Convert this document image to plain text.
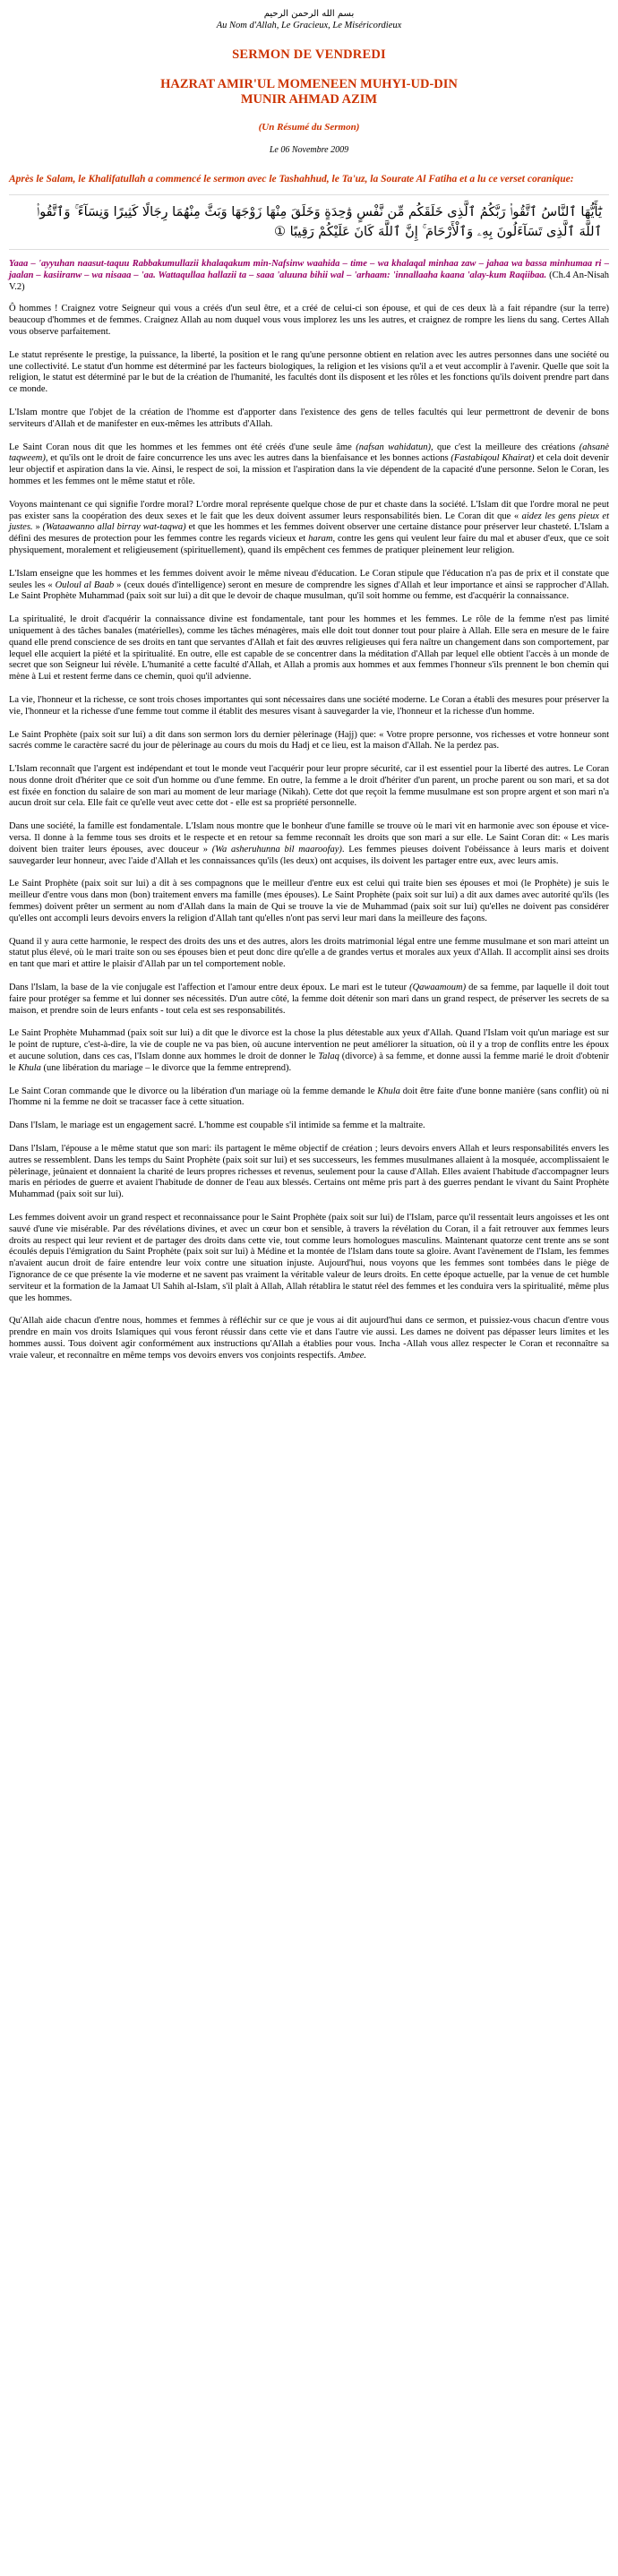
بسم الله الرحمن الرحيم

Au Nom d'Allah, Le Gracieux, Le Miséricordieux

SERMON DE VENDREDI
HAZRAT AMIR'UL MOMENEEN MUHYI-UD-DIN
MUNIR AHMAD AZIM
(Un Résumé du Sermon)
Le 06 Novembre 2009

Après le Salam, le Khalifatullah a commencé le sermon avec le Tashahhud, le Ta'uz, la Sourate Al Fatiha et a lu ce verset coranique:

يَٰٓأَيُّهَا ٱلنَّاسُ ٱتَّقُوا۟ رَبَّكُمُ ٱلَّذِى خَلَقَكُم مِّن نَّفْسٍ وَٰحِدَةٍ وَخَلَقَ مِنْهَا زَوْجَهَا وَبَثَّ مِنْهُمَا رِجَالًا كَثِيرًا وَنِسَآءً ۚ وَٱتَّقُوا۟ ٱللَّهَ ٱلَّذِى تَسَآءَلُونَ بِهِۦ وَٱلْأَرْحَامَ ۚ إِنَّ ٱللَّهَ كَانَ عَلَيْكُمْ رَقِيبًا ①

Yaaa – 'ayyuhan naasut-taquu Rabbakumullazii khalaqakum min-Nafsinw waahida – time – wa khalaqal minhaa zaw – jahaa wa bassa minhumaa ri –jaalan – kasiiranw – wa nisaaa – 'aa. Wattaqullaa hallazii ta – saaa 'aluuna bihii wal – 'arhaam: 'innallaaha kaana 'alay-kum Raqiibaa. (Ch.4 An-Nisah V.2)

Ô hommes ! Craignez votre Seigneur qui vous a créés d'un seul être, et a créé de celui-ci son épouse, et qui de ces deux là a fait répandre (sur la terre) beaucoup d'hommes et de femmes. Craignez Allah au nom duquel vous vous implorez les uns les autres, et craignez de rompre les liens du sang. Certes Allah vous observe parfaitement.

Le statut représente le prestige, la puissance, la liberté, la position et le rang qu'une personne obtient en relation avec les autres personnes dans une société ou une collectivité. Le statut d'un homme est déterminé par les facteurs biologiques, la religion et les visions qu'il a et veut accomplir à l'avenir. Quelle que soit la religion, le statut est déterminé par le but de la création de l'humanité, les facultés dont ils disposent et les rôles et les fonctions qu'ils doivent prendre part dans ce monde.

L'Islam montre que l'objet de la création de l'homme est d'apporter dans l'existence des gens de telles facultés qui leur permettront de devenir de bons serviteurs d'Allah et de manifester en eux-mêmes les attributs d'Allah.

Le Saint Coran nous dit que les hommes et les femmes ont été créés d'une seule âme (nafsan wahidatun), que c'est la meilleure des créations (ahsanè taqweem), et qu'ils ont le droit de faire concurrence les uns avec les autres dans la bienfaisance et les bonnes actions (Fastabiqoul Khairat) et cela doit devenir leur objectif et aspiration dans la vie. Ainsi, le respect de soi, la mission et l'aspiration dans la vie dépendent de la capacité d'une personne. Selon le Coran, les hommes et les femmes ont le même statut et rôle.

Voyons maintenant ce qui signifie l'ordre moral? L'ordre moral représente quelque chose de pur et chaste dans la société. L'Islam dit que l'ordre moral ne peut pas exister sans la coopération des deux sexes et le fait que les deux doivent assumer leurs responsabilités bien. Le Coran dit que « aidez les gens pieux et justes. » (Wataawanno allal birray wat-taqwa) et que les hommes et les femmes doivent observer une certaine distance pour préserver leur chasteté. L'Islam a défini des mesures de protection pour les femmes contre les regards vicieux et haram, contre les gens qui veulent leur faire du mal et abuser d'eux, que ce soit physiquement, moralement et religieusement (spirituellement), quand ils empêchent ces femmes de pratiquer pleinement leur religion.

L'Islam enseigne que les hommes et les femmes doivent avoir le même niveau d'éducation. Le Coran stipule que l'éducation n'a pas de prix et il constate que seules les « Ouloul al Baab » (ceux doués d'intelligence) seront en mesure de comprendre les signes d'Allah et leur importance et ainsi se rapprocher d'Allah. Le Saint Prophète Muhammad (paix soit sur lui) a dit que le devoir de chaque musulman, qu'il soit homme ou femme, est d'acquérir la connaissance.

La spiritualité, le droit d'acquérir la connaissance divine est fondamentale, tant pour les hommes et les femmes. Le rôle de la femme n'est pas limité uniquement à des tâches banales (matérielles), comme les tâches ménagères, mais elle doit tout donner tout pour plaire à Allah. Elle sera en mesure de le faire quand elle prend conscience de ses droits en tant que servantes d'Allah et fait des œuvres religieuses qui fera naître un changement dans son comportement, par lequel elle acquiert la piété et la spiritualité. En outre, elle est capable de se concentrer dans la méditation d'Allah par lequel elle obtient l'accès à un monde de secret que son Seigneur lui révèle. L'humanité a cette faculté d'Allah, et Allah a promis aux hommes et aux femmes l'honneur s'ils prennent le bon chemin qui mène à Lui et restent ferme dans ce chemin, quoi qu'il advienne.

La vie, l'honneur et la richesse, ce sont trois choses importantes qui sont nécessaires dans une société moderne. Le Coran a établi des mesures pour préserver la vie, l'honneur et la richesse d'une femme tout comme il établit des mesures visant à sauvegarder la vie, l'honneur et la richesse d'un homme.

Le Saint Prophète (paix soit sur lui) a dit dans son sermon lors du dernier pèlerinage (Hajj) que: « Votre propre personne, vos richesses et votre honneur sont sacrés comme le caractère sacré du jour de pèlerinage au cours du mois du Hadj et ce lieu, est la maison d'Allah. Ne la perdez pas.

L'Islam reconnaît que l'argent est indépendant et tout le monde veut l'acquérir pour leur propre sécurité, car il est essentiel pour la liberté des autres. Le Coran nous donne droit d'hériter que ce soit d'un homme ou d'une femme. En outre, la femme a le droit d'hériter d'un parent, un proche parent ou son mari, et sa dot est fixée en fonction du salaire de son mari au moment de leur mariage (Nikah). Cette dot que reçoit la femme musulmane est son propre argent et son mari n'a aucun droit sur cela. Elle fait ce qu'elle veut avec cette dot - elle est sa propriété personnelle.

Dans une société, la famille est fondamentale. L'Islam nous montre que le bonheur d'une famille se trouve où le mari vit en harmonie avec son épouse et vice-versa. Il donne à la femme tous ses droits et le respecte et en retour sa femme reconnaît les droits que son mari a sur elle. Le Saint Coran dit: « Les maris doivent bien traiter leurs épouses, avec douceur » (Wa asheruhunna bil maaroofay). Les femmes pieuses doivent l'obéissance à leurs maris et doivent sauvegarder leur honneur, avec l'aide d'Allah et les connaissances qu'ils (les deux) ont acquises, ils doivent les partager entre eux, avec leurs amis.

Le Saint Prophète (paix soit sur lui) a dit à ses compagnons que le meilleur d'entre eux est celui qui traite bien ses épouses et moi (le Prophète) je suis le meilleur d'entre vous dans mon (bon) traitement envers ma famille (mes épouses). Le Saint Prophète (paix soit sur lui) a dit aux dames avec autorité qu'ils (les femmes) doivent prêter un serment au nom d'Allah dans la main de Qui se trouve la vie de Muhammad (paix soit sur lui) qu'elles ne doivent pas considérer qu'elles ont accompli leurs devoirs envers la religion d'Allah tant qu'elles n'ont pas servi leur mari dans la meilleure des façons.

Quand il y aura cette harmonie, le respect des droits des uns et des autres, alors les droits matrimonial légal entre une femme musulmane et son mari atteint un statut plus élevé, où le mari traite son ou ses épouses bien et peut donc dire qu'elle a de grandes vertus et morales aux yeux d'Allah. Il accomplit ainsi ses droits en tant que mari et attire le plaisir d'Allah par un tel comportement noble.

Dans l'Islam, la base de la vie conjugale est l'affection et l'amour entre deux époux. Le mari est le tuteur (Qawaamoum) de sa femme, par laquelle il doit tout faire pour protéger sa femme et lui donner ses nécessités. D'un autre côté, la femme doit détenir son mari dans un grand respect, de préserver les secrets de sa maison, et prendre soin de leurs enfants - tout cela est ses responsabilités.

Le Saint Prophète Muhammad (paix soit sur lui) a dit que le divorce est la chose la plus détestable aux yeux d'Allah. Quand l'Islam voit qu'un mariage est sur le point de rupture, c'est-à-dire, la vie de couple ne va pas bien, où aucune intervention ne peut améliorer la situation, où il y a trop de conflits entre les époux et aucune solution, dans ces cas, l'Islam donne aux hommes le droit de donner le Talaq (divorce) à sa femme, et donne aussi la femme marié le droit d'obtenir le Khula (une libération du mariage – le divorce que la femme entreprend).

Le Saint Coran commande que le divorce ou la libération d'un mariage où la femme demande le Khula doit être faite d'une bonne manière (sans conflit) où ni l'homme ni la femme ne doit se tracasser face à cette situation.

Dans l'Islam, le mariage est un engagement sacré. L'homme est coupable s'il intimide sa femme et la maltraite.

Dans l'Islam, l'épouse a le même statut que son mari: ils partagent le même objectif de création ; leurs devoirs envers Allah et leurs responsabilités envers les autres se ressemblent. Dans les temps du Saint Prophète (paix soit sur lui) et ses successeurs, les femmes musulmanes allaient à la mosquée, accomplissaient le pèlerinage, jeûnaient et donnaient la charité de leurs propres richesses et revenus, seulement pour la cause d'Allah. Elles avaient l'habitude d'accompagner leurs maris en périodes de guerre et avaient l'habitude de donner de l'eau aux blessés. Certains ont même pris part à des guerres pendant le vivant du Saint Prophète Muhammad (paix soit sur lui).

Les femmes doivent avoir un grand respect et reconnaissance pour le Saint Prophète (paix soit sur lui) de l'Islam, parce qu'il ressentait leurs angoisses et les ont sauvé d'une vie misérable. Par des révélations divines, et avec un cœur bon et sensible, à travers la révélation du Coran, il a fait retrouver aux femmes leurs droits au respect qui leur revient et de partager des droits dans cette vie, tout comme leurs homologues masculins. Maintenant quatorze cent trente ans se sont écoulés depuis l'émigration du Saint Prophète (paix soit sur lui) à Médine et la montée de l'Islam dans toute sa gloire. Avant l'avènement de l'Islam, les femmes n'avaient aucun droit de faire entendre leur voix contre une situation injuste. Aujourd'hui, nous voyons que les femmes sont tombées dans le piège de l'ignorance de ce que présente la vie moderne et ne savent pas vraiment la véritable valeur de leurs droits. En cette époque actuelle, par la venue de cet humble serviteur et la formation de la Jamaat Ul Sahih al-Islam, s'il plaît à Allah, Allah rétablira le statut réel des femmes et les conduira vers la spiritualité, même plus que les hommes.

Qu'Allah aide chacun d'entre nous, hommes et femmes à réfléchir sur ce que je vous ai dit aujourd'hui dans ce sermon, et puissiez-vous chacun d'entre vous prendre en main vos droits Islamiques qui vous feront réussir dans cette vie et dans l'autre vie aussi. Les dames ne doivent pas dépasser leurs limites et les hommes aussi. Tous doivent agir conformément aux instructions qu'Allah a établies pour vous. Incha -Allah vous allez respecter le Coran et reconnaître sa vraie valeur, et reconnaître en même temps vos devoirs envers vos conjoints respectifs. Ambee.
